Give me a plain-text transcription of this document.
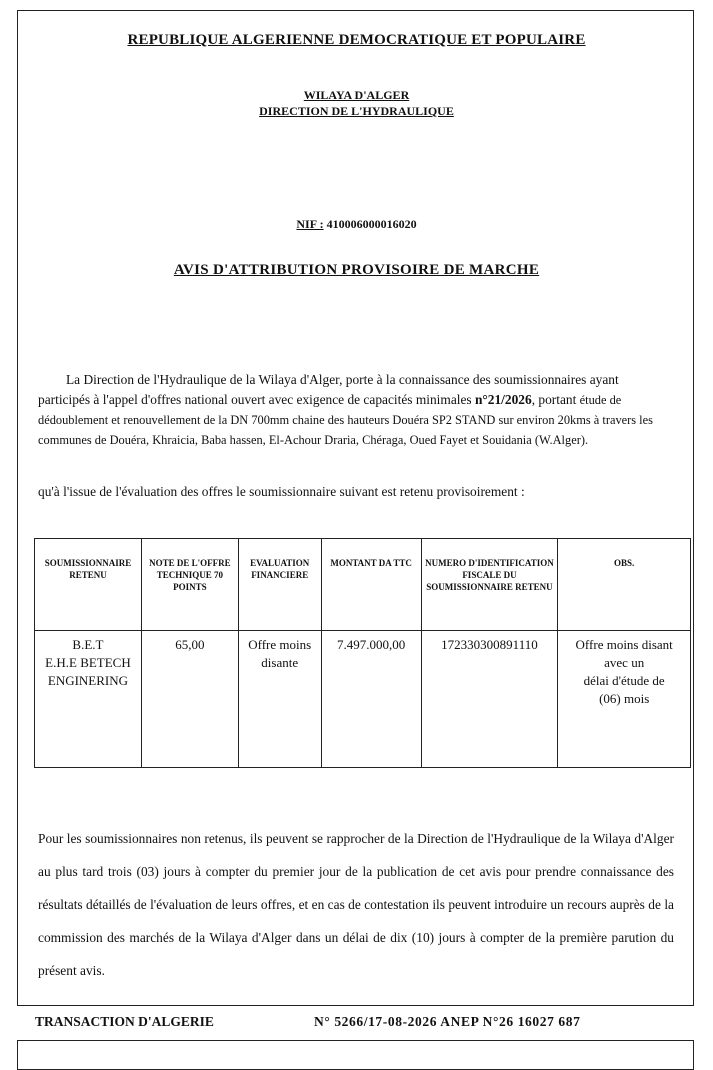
REPUBLIQUE ALGERIENNE DEMOCRATIQUE ET POPULAIRE
WILAYA D'ALGER
DIRECTION DE L'HYDRAULIQUE
NIF : 410006000016020
AVIS D'ATTRIBUTION PROVISOIRE DE MARCHE
La Direction de l'Hydraulique de la Wilaya d'Alger, porte à la connaissance des soumissionnaires ayant participés à l'appel d'offres national ouvert avec exigence de capacités minimales n°21/2026, portant étude de dédoublement et renouvellement de la DN 700mm chaine des hauteurs Douéra SP2 STAND sur environ 20kms à travers les communes de Douéra, Khraicia, Baba hassen, El-Achour Draria, Chéraga, Oued Fayet et Souidania (W.Alger).
qu'à l'issue de l'évaluation des offres le soumissionnaire suivant est retenu provisoirement :
SOUMISSIONNAIRE RETENU	NOTE DE L'OFFRE TECHNIQUE 70 POINTS	EVALUATION FINANCIERE	MONTANT DA TTC	NUMERO D'IDENTIFICATION FISCALE DU SOUMISSIONNAIRE RETENU	OBS.
B.E.T
E.H.E BETECH
ENGINERING	65,00	Offre moins
disante	7.497.000,00	172330300891110	Offre moins disant
avec un
délai d'étude de
(06) mois
Pour les soumissionnaires non retenus, ils peuvent se rapprocher de la Direction de l'Hydraulique de la Wilaya d'Alger au plus tard trois (03) jours à compter du premier jour de la publication de cet avis pour prendre connaissance des résultats détaillés de l'évaluation de leurs offres, et en cas de contestation ils peuvent introduire un recours auprès de la commission des marchés de la Wilaya d'Alger dans un délai de dix (10) jours à compter de la première parution du présent avis.
TRANSACTION D'ALGERIE	N° 5266/17-08-2026 ANEP N°26 16027 687
